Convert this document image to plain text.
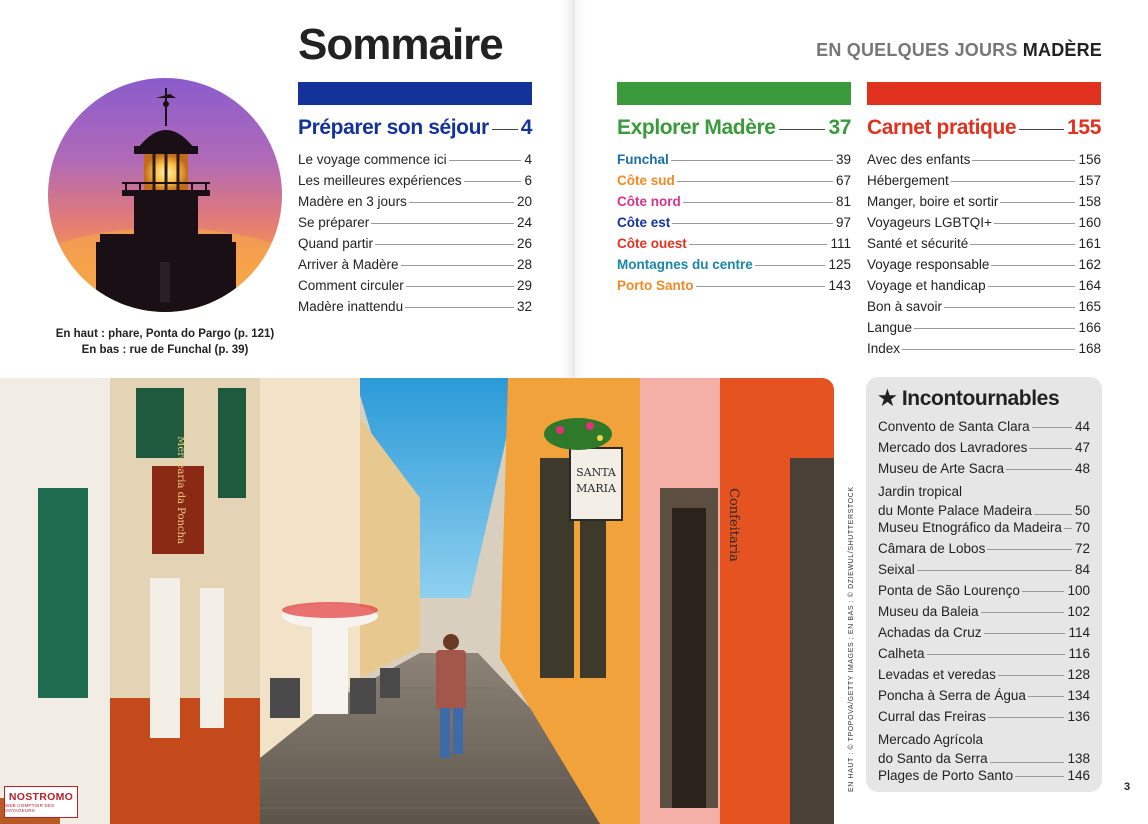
Sommaire	EN QUELQUES JOURS MADÈRE
Préparer son séjour 4
Le voyage commence ici	4
Les meilleures expériences	6
Madère en 3 jours	20
Se préparer	24
Quand partir	26
Arriver à Madère	28
Comment circuler	29
Madère inattendu	32
Explorer Madère	37
Funchal	39
Côte sud	67
Côte nord	81
Côte est	97
Côte ouest	111
Montagnes du centre	125
Porto Santo	143
Carnet pratique 155
Avec des enfants	156
Hébergement	157
Manger, boire et sortir	158
Voyageurs LGBTQI+	160
Santé et sécurité	161
Voyage responsable	162
Voyage et handicap	164
Bon à savoir	165
Langue	166
Index	168
En haut : phare, Ponta do Pargo (p. 121)
En bas : rue de Funchal (p. 39)
Mercearia da Poncha	SANTA
MARIA	Confeitaria	EN HAUT : © TPOPOVA/GETTY IMAGES ; EN BAS : © DZIEWUL/SHUTTERSTOCK
★ Incontournables
Convento de Santa Clara	44
Mercado dos Lavradores	47
Museu de Arte Sacra	48
Jardin tropical
du Monte Palace Madeira	50
Museu Etnográfico da Madeira 70
Câmara de Lobos	72
Seixal	84
Ponta de São Lourenço	100
Museu da Baleia	102
Achadas da Cruz	114
Calheta	116
Levadas et veredas	128
Poncha à Serra de Água	134
Curral das Freiras	136
Mercado Agrícola
do Santo da Serra	138
Plages de Porto Santo	146
3
NOSTROMO
WEB COMPTOIR DES VOYAGEURS
